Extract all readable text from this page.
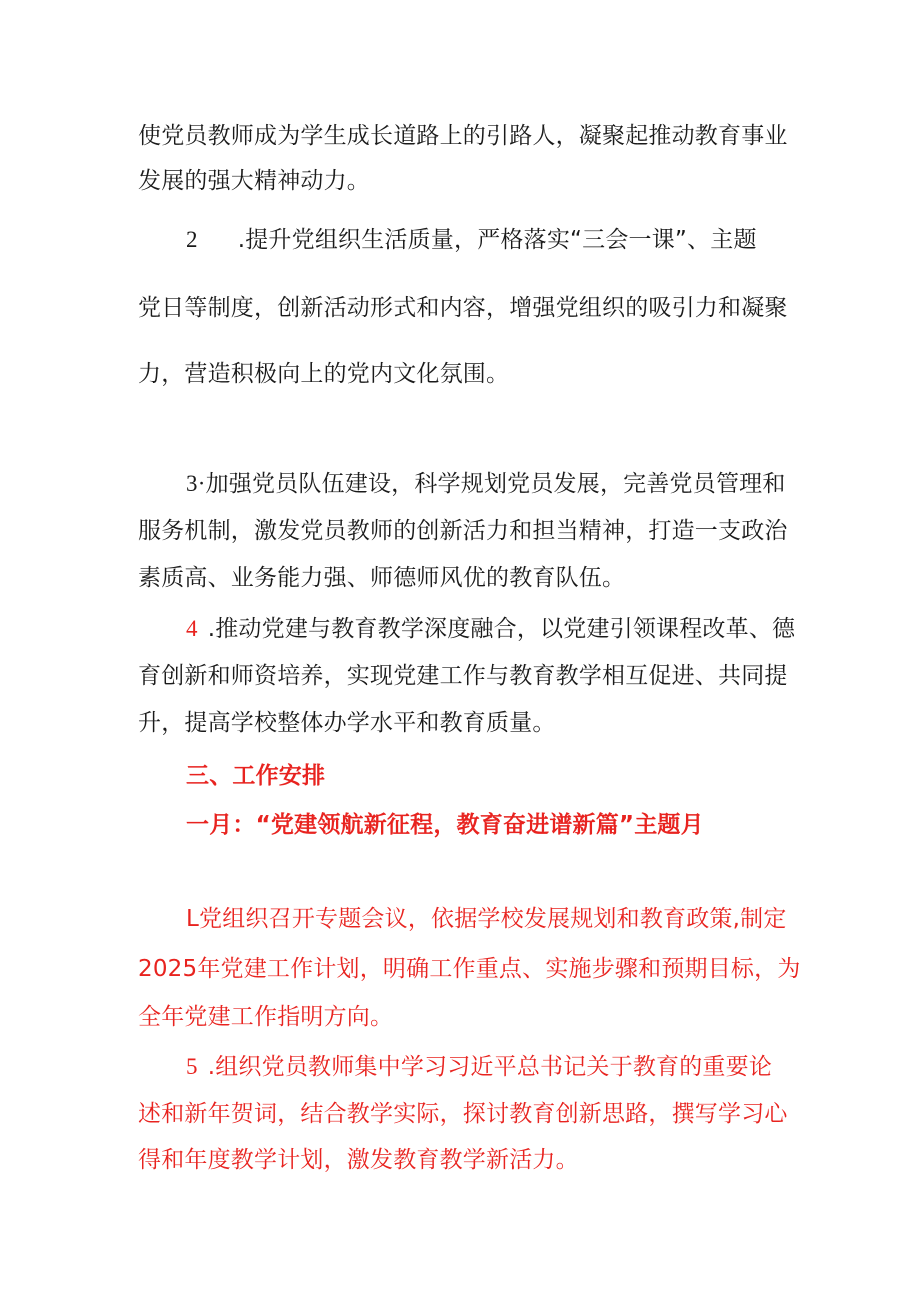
使党员教师成为学生成长道路上的引路人，凝聚起推动教育事业
发展的强大精神动力。
2 .提升党组织生活质量，严格落实“三会一课”、主题
党日等制度，创新活动形式和内容，增强党组织的吸引力和凝聚
力，营造积极向上的党内文化氛围。
3·加强党员队伍建设，科学规划党员发展，完善党员管理和
服务机制，激发党员教师的创新活力和担当精神，打造一支政治
素质高、业务能力强、师德师风优的教育队伍。
4 .推动党建与教育教学深度融合，以党建引领课程改革、德
育创新和师资培养，实现党建工作与教育教学相互促进、共同提
升，提高学校整体办学水平和教育质量。
三、工作安排
一月：“党建领航新征程，教育奋进谱新篇”主题月
L党组织召开专题会议，依据学校发展规划和教育政策,制定
2025年党建工作计划，明确工作重点、实施步骤和预期目标，为
全年党建工作指明方向。
5 .组织党员教师集中学习习近平总书记关于教育的重要论
述和新年贺词，结合教学实际，探讨教育创新思路，撰写学习心
得和年度教学计划，激发教育教学新活力。
